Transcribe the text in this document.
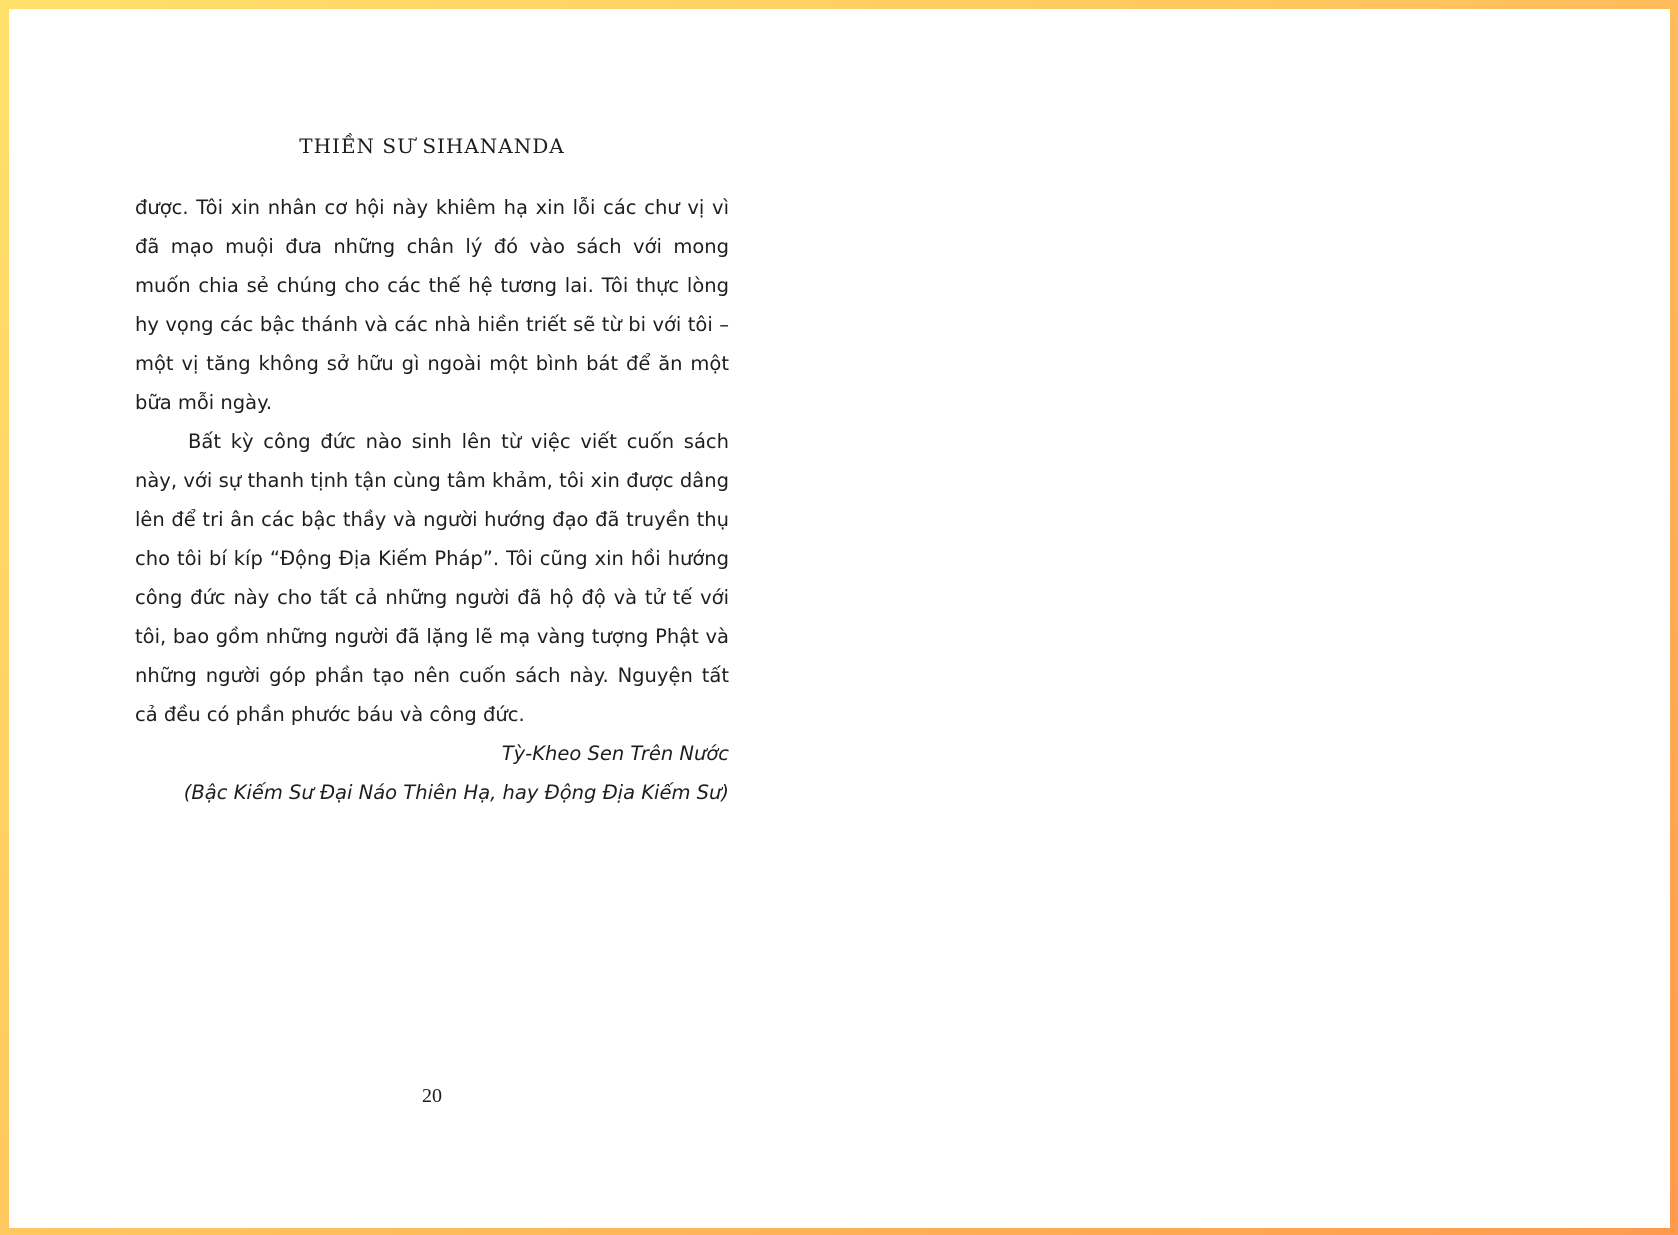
THIỀN SƯ SIHANANDA

được. Tôi xin nhân cơ hội này khiêm hạ xin lỗi các chư vị vì đã mạo muội đưa những chân lý đó vào sách với mong muốn chia sẻ chúng cho các thế hệ tương lai. Tôi thực lòng hy vọng các bậc thánh và các nhà hiền triết sẽ từ bi với tôi – một vị tăng không sở hữu gì ngoài một bình bát để ăn một bữa mỗi ngày.

Bất kỳ công đức nào sinh lên từ việc viết cuốn sách này, với sự thanh tịnh tận cùng tâm khảm, tôi xin được dâng lên để tri ân các bậc thầy và người hướng đạo đã truyền thụ cho tôi bí kíp “Động Địa Kiếm Pháp”. Tôi cũng xin hồi hướng công đức này cho tất cả những người đã hộ độ và tử tế với tôi, bao gồm những người đã lặng lẽ mạ vàng tượng Phật và những người góp phần tạo nên cuốn sách này. Nguyện tất cả đều có phần phước báu và công đức.

Tỳ-Kheo Sen Trên Nước

(Bậc Kiếm Sư Đại Náo Thiên Hạ, hay Động Địa Kiếm Sư)

20
